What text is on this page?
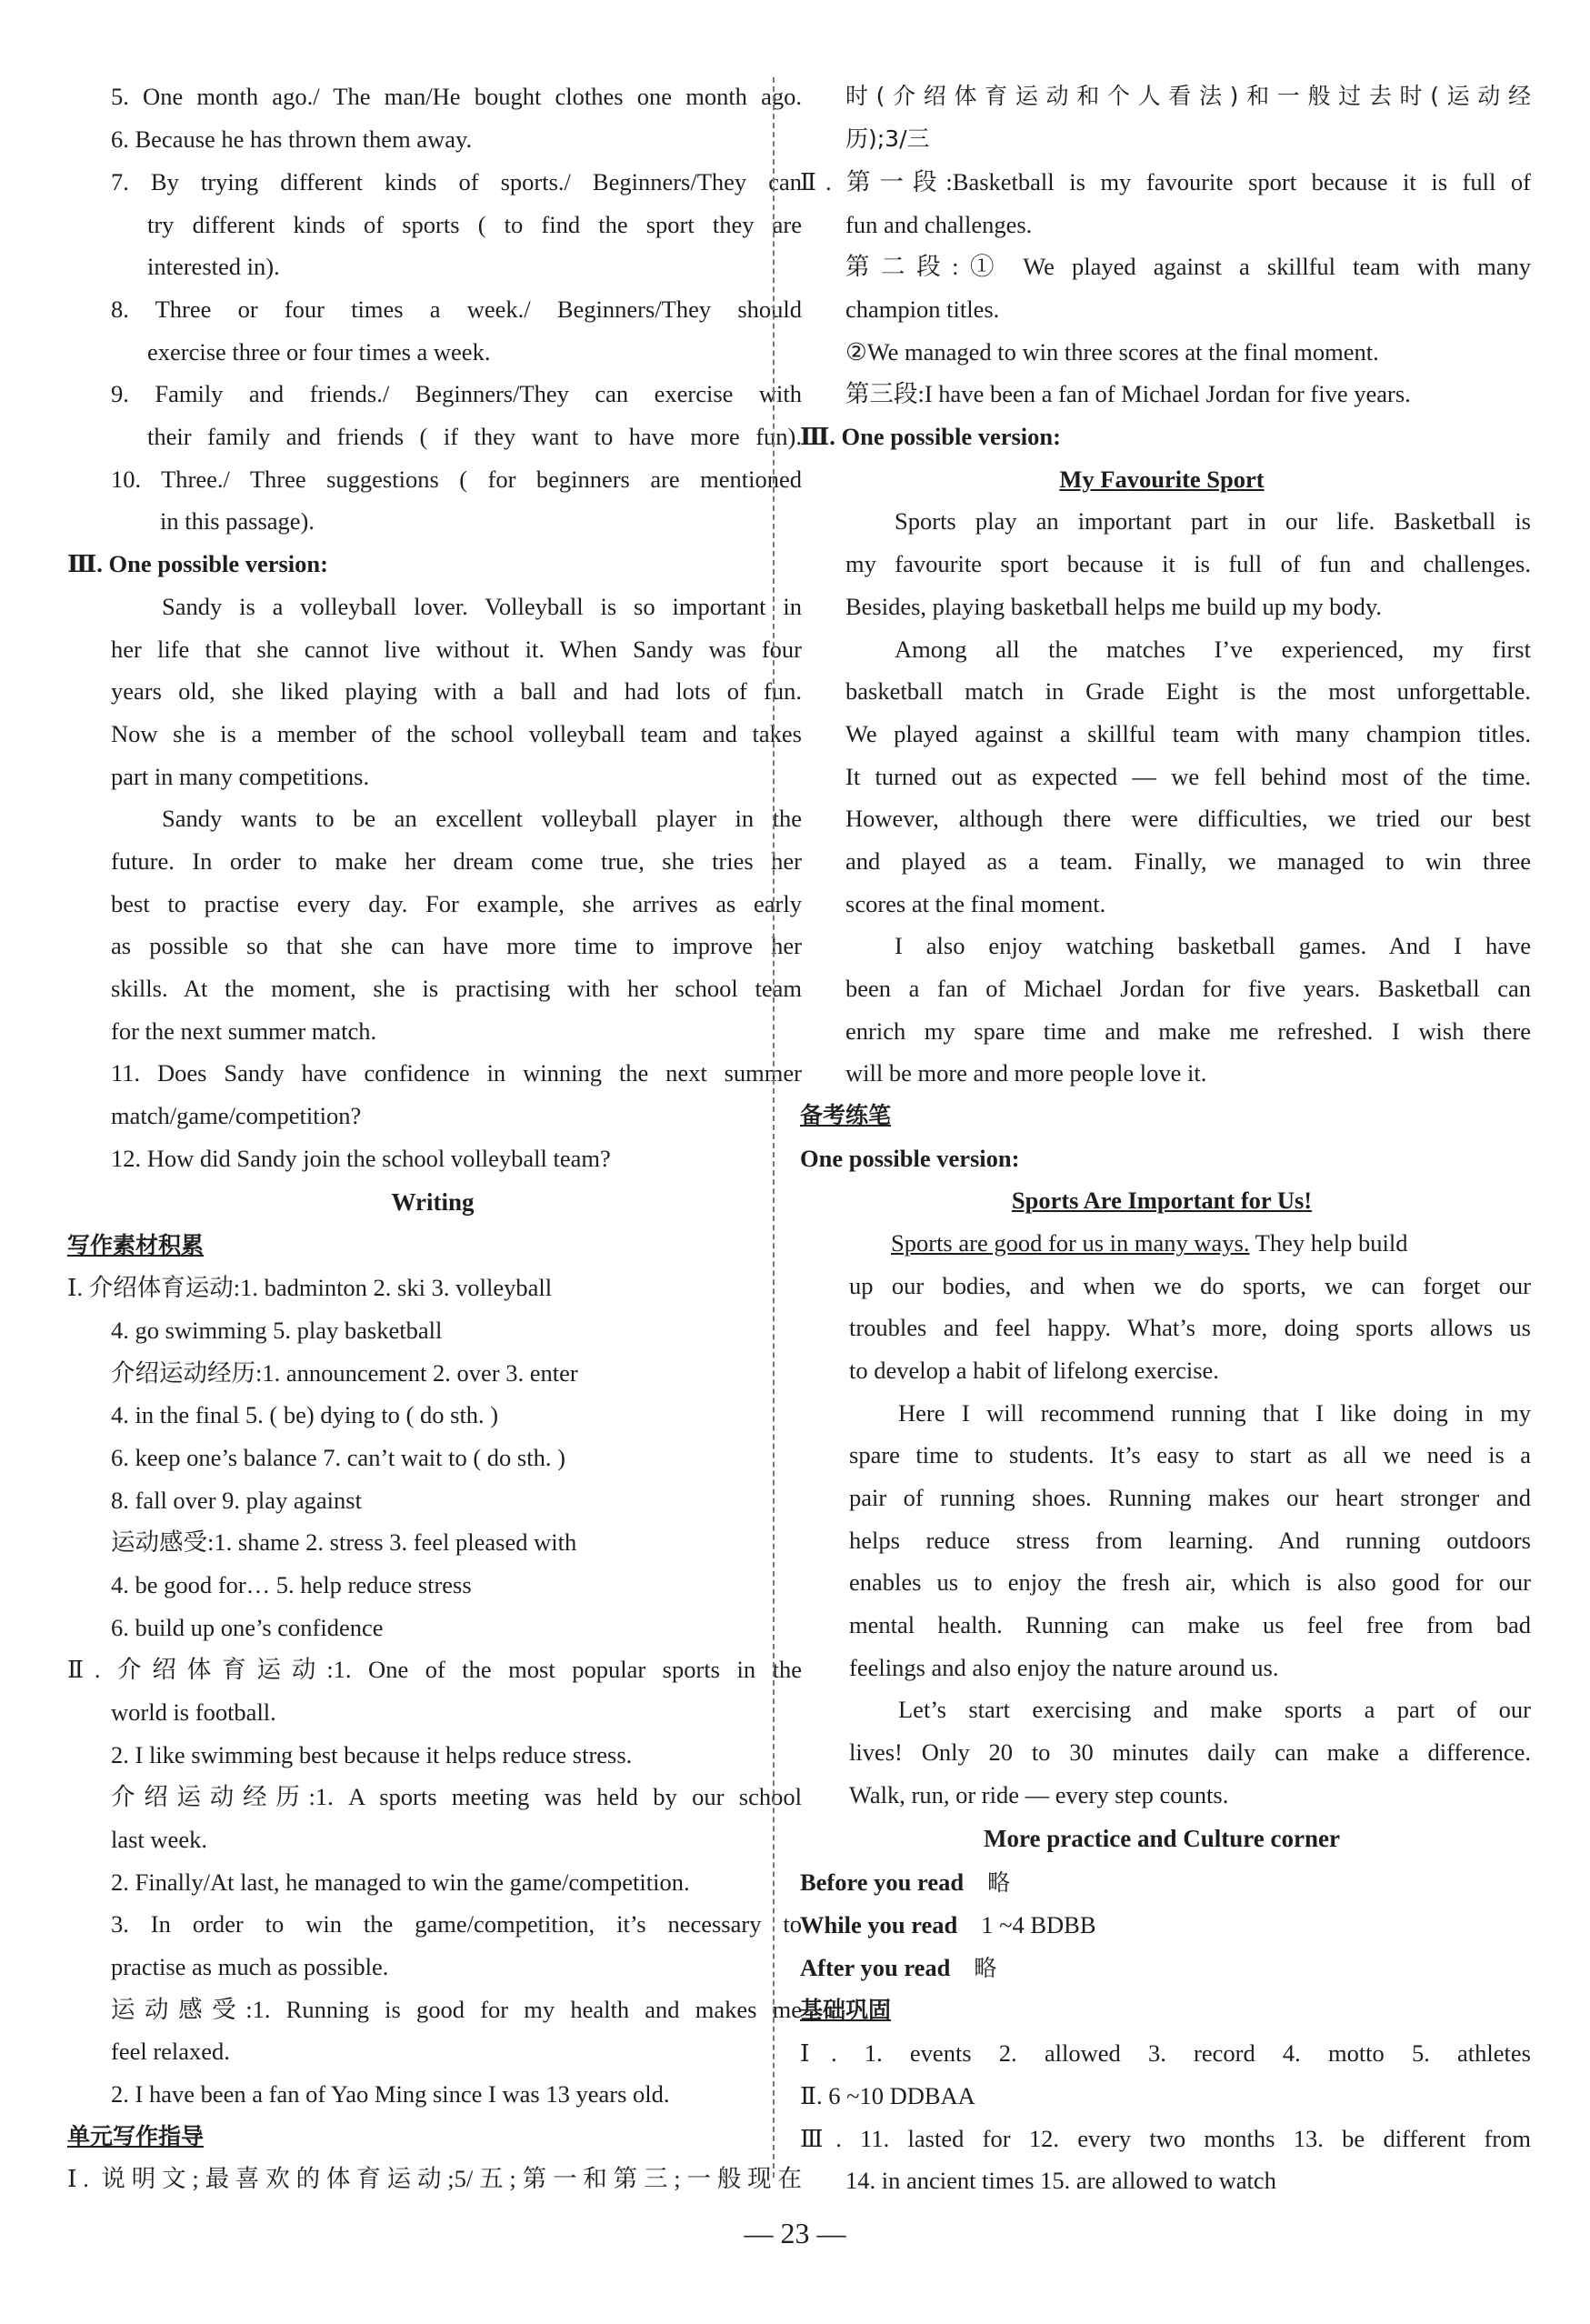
5. One month ago./ The man/He bought clothes one month ago.
6. Because he has thrown them away.
7. By trying different kinds of sports./ Beginners/They can
try different kinds of sports ( to find the sport they are
interested in).
8. Three or four times a week./ Beginners/They should
exercise three or four times a week.
9. Family and friends./ Beginners/They can exercise with
their family and friends ( if they want to have more fun).
10. Three./ Three suggestions ( for beginners are mentioned
in this passage).
Ⅲ. One possible version:
Sandy is a volleyball lover. Volleyball is so important in
her life that she cannot live without it. When Sandy was four
years old, she liked playing with a ball and had lots of fun.
Now she is a member of the school volleyball team and takes
part in many competitions.
Sandy wants to be an excellent volleyball player in the
future. In order to make her dream come true, she tries her
best to practise every day. For example, she arrives as early
as possible so that she can have more time to improve her
skills. At the moment, she is practising with her school team
for the next summer match.
11. Does Sandy have confidence in winning the next summer
match/game/competition?
12. How did Sandy join the school volleyball team?
Writing
写作素材积累
Ⅰ. 介绍体育运动:1. badminton 2. ski 3. volleyball
4. go swimming 5. play basketball
介绍运动经历:1. announcement 2. over 3. enter
4. in the final 5. ( be) dying to ( do sth. )
6. keep one’s balance 7. can’t wait to ( do sth. )
8. fall over 9. play against
运动感受:1. shame 2. stress 3. feel pleased with
4. be good for… 5. help reduce stress
6. build up one’s confidence
Ⅱ. 介绍体育运动:1. One of the most popular sports in the
world is football.
2. I like swimming best because it helps reduce stress.
介绍运动经历:1. A sports meeting was held by our school
last week.
2. Finally/At last, he managed to win the game/competition.
3. In order to win the game/competition, it’s necessary to
practise as much as possible.
运动感受:1. Running is good for my health and makes me
feel relaxed.
2. I have been a fan of Yao Ming since I was 13 years old.
单元写作指导
Ⅰ. 说明文;最喜欢的体育运动;5/五;第一和第三;一般现在
时(介绍体育运动和个人看法)和一般过去时(运动经
历);3/三
Ⅱ. 第一段:Basketball is my favourite sport because it is full of
fun and challenges.
第二段:① We played against a skillful team with many
champion titles.
②We managed to win three scores at the final moment.
第三段:I have been a fan of Michael Jordan for five years.
Ⅲ. One possible version:
My Favourite Sport
Sports play an important part in our life. Basketball is
my favourite sport because it is full of fun and challenges.
Besides, playing basketball helps me build up my body.
Among all the matches I’ve experienced, my first
basketball match in Grade Eight is the most unforgettable.
We played against a skillful team with many champion titles.
It turned out as expected — we fell behind most of the time.
However, although there were difficulties, we tried our best
and played as a team. Finally, we managed to win three
scores at the final moment.
I also enjoy watching basketball games. And I have
been a fan of Michael Jordan for five years. Basketball can
enrich my spare time and make me refreshed. I wish there
will be more and more people love it.
备考练笔
One possible version:
Sports Are Important for Us!
Sports are good for us in many ways. They help build
up our bodies, and when we do sports, we can forget our
troubles and feel happy. What’s more, doing sports allows us
to develop a habit of lifelong exercise.
Here I will recommend running that I like doing in my
spare time to students. It’s easy to start as all we need is a
pair of running shoes. Running makes our heart stronger and
helps reduce stress from learning. And running outdoors
enables us to enjoy the fresh air, which is also good for our
mental health. Running can make us feel free from bad
feelings and also enjoy the nature around us.
Let’s start exercising and make sports a part of our
lives! Only 20 to 30 minutes daily can make a difference.
Walk, run, or ride — every step counts.
More practice and Culture corner
Before you read 略
While you read 1 ~4 BDBB
After you read 略
基础巩固
Ⅰ. 1. events 2. allowed 3. record 4. motto 5. athletes
Ⅱ. 6 ~10 DDBAA
Ⅲ. 11. lasted for 12. every two months 13. be different from
14. in ancient times 15. are allowed to watch
— 23 —
